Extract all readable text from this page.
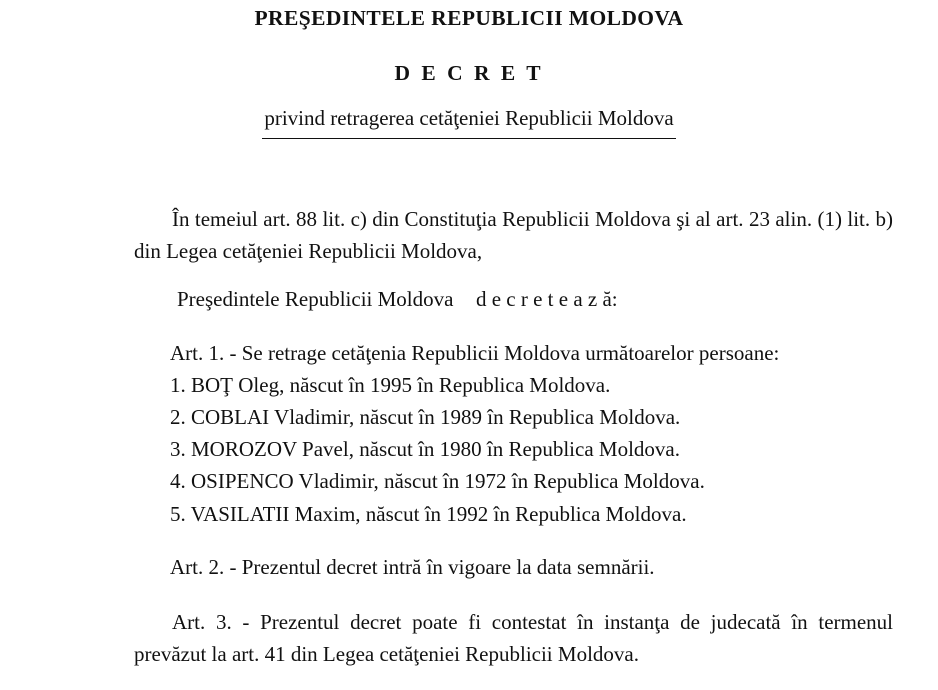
PREŞEDINTELE REPUBLICII MOLDOVA
D E C R E T
privind retragerea cetăţeniei Republicii Moldova
În temeiul art. 88 lit. c) din Constituţia Republicii Moldova şi al art. 23 alin. (1) lit. b) din Legea cetăţeniei Republicii Moldova,
Preşedintele Republicii Moldova d e c r e t e a z ă:
Art. 1. - Se retrage cetăţenia Republicii Moldova următoarelor persoane:
1. BOŢ Oleg, născut în 1995 în Republica Moldova.
2. COBLAI Vladimir, născut în 1989 în Republica Moldova.
3. MOROZOV Pavel, născut în 1980 în Republica Moldova.
4. OSIPENCO Vladimir, născut în 1972 în Republica Moldova.
5. VASILATII Maxim, născut în 1992 în Republica Moldova.
Art. 2. - Prezentul decret intră în vigoare la data semnării.
Art. 3. - Prezentul decret poate fi contestat în instanţa de judecată în termenul prevăzut la art. 41 din Legea cetăţeniei Republicii Moldova.
